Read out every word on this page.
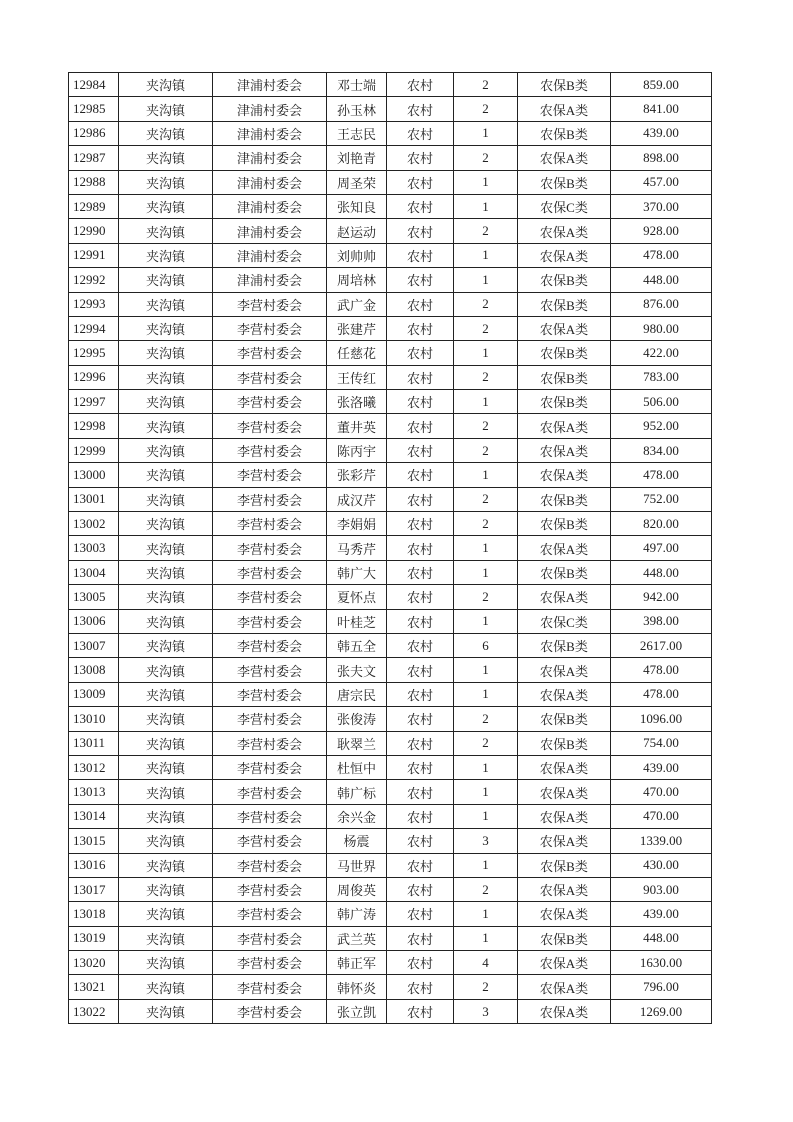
12984	夹沟镇	津浦村委会	邓士端	农村	2	农保B类	859.00
12985	夹沟镇	津浦村委会	孙玉林	农村	2	农保A类	841.00
12986	夹沟镇	津浦村委会	王志民	农村	1	农保B类	439.00
12987	夹沟镇	津浦村委会	刘艳青	农村	2	农保A类	898.00
12988	夹沟镇	津浦村委会	周圣荣	农村	1	农保B类	457.00
12989	夹沟镇	津浦村委会	张知良	农村	1	农保C类	370.00
12990	夹沟镇	津浦村委会	赵运动	农村	2	农保A类	928.00
12991	夹沟镇	津浦村委会	刘帅帅	农村	1	农保A类	478.00
12992	夹沟镇	津浦村委会	周培林	农村	1	农保B类	448.00
12993	夹沟镇	李营村委会	武广金	农村	2	农保B类	876.00
12994	夹沟镇	李营村委会	张建芹	农村	2	农保A类	980.00
12995	夹沟镇	李营村委会	任慈花	农村	1	农保B类	422.00
12996	夹沟镇	李营村委会	王传红	农村	2	农保B类	783.00
12997	夹沟镇	李营村委会	张洛曦	农村	1	农保B类	506.00
12998	夹沟镇	李营村委会	董井英	农村	2	农保A类	952.00
12999	夹沟镇	李营村委会	陈丙宇	农村	2	农保A类	834.00
13000	夹沟镇	李营村委会	张彩芹	农村	1	农保A类	478.00
13001	夹沟镇	李营村委会	成汉芹	农村	2	农保B类	752.00
13002	夹沟镇	李营村委会	李娟娟	农村	2	农保B类	820.00
13003	夹沟镇	李营村委会	马秀芹	农村	1	农保A类	497.00
13004	夹沟镇	李营村委会	韩广大	农村	1	农保B类	448.00
13005	夹沟镇	李营村委会	夏怀点	农村	2	农保A类	942.00
13006	夹沟镇	李营村委会	叶桂芝	农村	1	农保C类	398.00
13007	夹沟镇	李营村委会	韩五全	农村	6	农保B类	2617.00
13008	夹沟镇	李营村委会	张夫文	农村	1	农保A类	478.00
13009	夹沟镇	李营村委会	唐宗民	农村	1	农保A类	478.00
13010	夹沟镇	李营村委会	张俊涛	农村	2	农保B类	1096.00
13011	夹沟镇	李营村委会	耿翠兰	农村	2	农保B类	754.00
13012	夹沟镇	李营村委会	杜恒中	农村	1	农保A类	439.00
13013	夹沟镇	李营村委会	韩广标	农村	1	农保A类	470.00
13014	夹沟镇	李营村委会	余兴金	农村	1	农保A类	470.00
13015	夹沟镇	李营村委会	杨震	农村	3	农保A类	1339.00
13016	夹沟镇	李营村委会	马世界	农村	1	农保B类	430.00
13017	夹沟镇	李营村委会	周俊英	农村	2	农保A类	903.00
13018	夹沟镇	李营村委会	韩广涛	农村	1	农保A类	439.00
13019	夹沟镇	李营村委会	武兰英	农村	1	农保B类	448.00
13020	夹沟镇	李营村委会	韩正军	农村	4	农保A类	1630.00
13021	夹沟镇	李营村委会	韩怀炎	农村	2	农保A类	796.00
13022	夹沟镇	李营村委会	张立凯	农村	3	农保A类	1269.00
